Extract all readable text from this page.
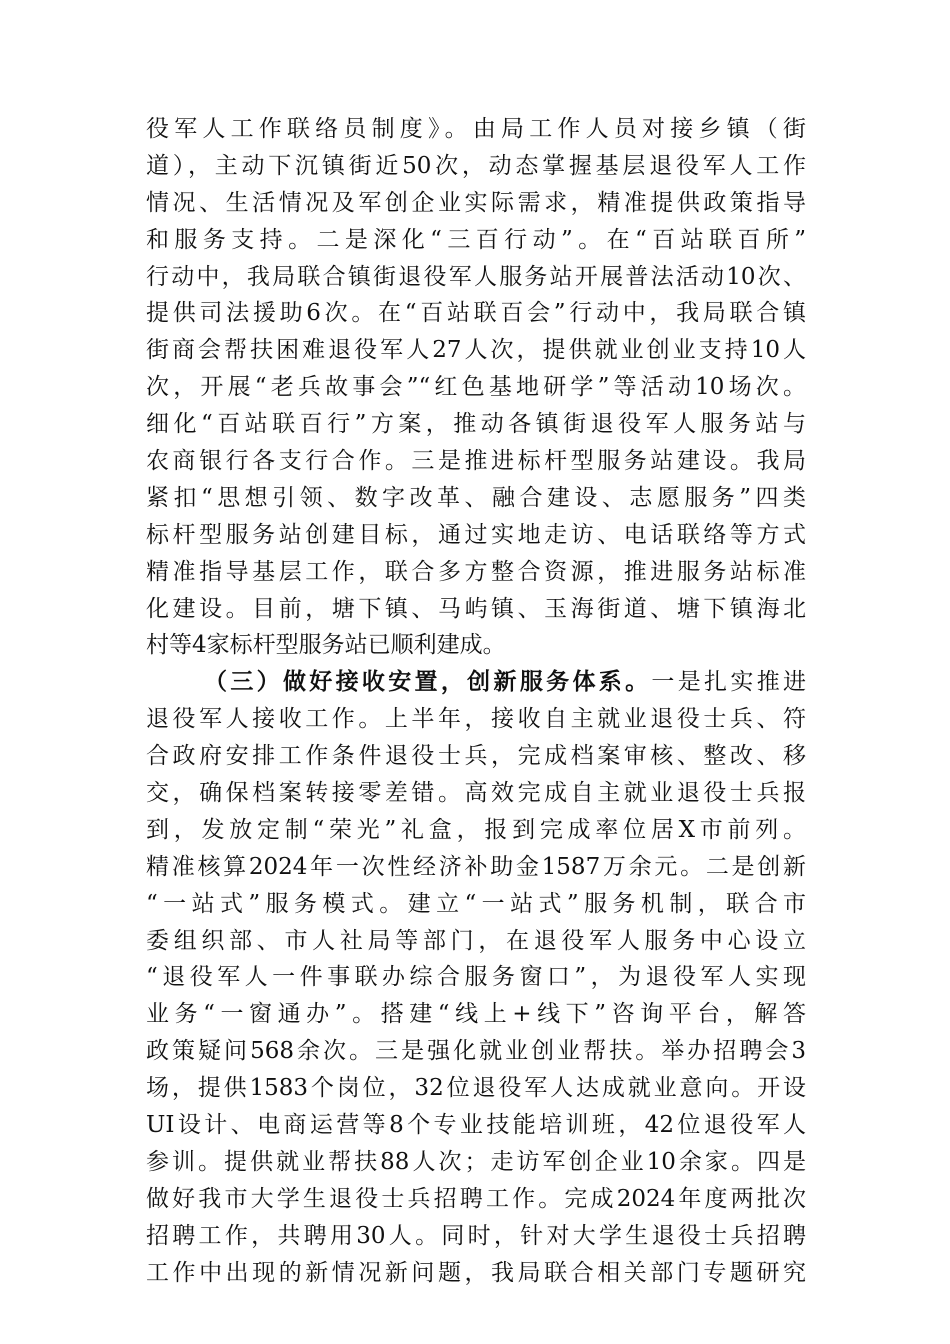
役军人工作联络员制度》。由局工作人员对接乡镇（街
道），主动下沉镇街近50次，动态掌握基层退役军人工作
情况、生活情况及军创企业实际需求，精准提供政策指导
和服务支持。二是深化“三百行动”。在“百站联百所”
行动中，我局联合镇街退役军人服务站开展普法活动10次、
提供司法援助6次。在“百站联百会”行动中，我局联合镇
街商会帮扶困难退役军人27人次，提供就业创业支持10人
次，开展“老兵故事会”“红色基地研学”等活动10场次。
细化“百站联百行”方案，推动各镇街退役军人服务站与
农商银行各支行合作。三是推进标杆型服务站建设。我局
紧扣“思想引领、数字改革、融合建设、志愿服务”四类
标杆型服务站创建目标，通过实地走访、电话联络等方式
精准指导基层工作，联合多方整合资源，推进服务站标准
化建设。目前，塘下镇、马屿镇、玉海街道、塘下镇海北
村等4家标杆型服务站已顺利建成。
（三）做好接收安置，创新服务体系。一是扎实推进
退役军人接收工作。上半年，接收自主就业退役士兵、符
合政府安排工作条件退役士兵，完成档案审核、整改、移
交，确保档案转接零差错。高效完成自主就业退役士兵报
到，发放定制“荣光”礼盒，报到完成率位居X市前列。
精准核算2024年一次性经济补助金1587万余元。二是创新
“一站式”服务模式。建立“一站式”服务机制，联合市
委组织部、市人社局等部门，在退役军人服务中心设立
“退役军人一件事联办综合服务窗口”，为退役军人实现
业务“一窗通办”。搭建“线上+线下”咨询平台，解答
政策疑问568余次。三是强化就业创业帮扶。举办招聘会3
场，提供1583个岗位，32位退役军人达成就业意向。开设
UI设计、电商运营等8个专业技能培训班，42位退役军人
参训。提供就业帮扶88人次；走访军创企业10余家。四是
做好我市大学生退役士兵招聘工作。完成2024年度两批次
招聘工作，共聘用30人。同时，针对大学生退役士兵招聘
工作中出现的新情况新问题，我局联合相关部门专题研究
